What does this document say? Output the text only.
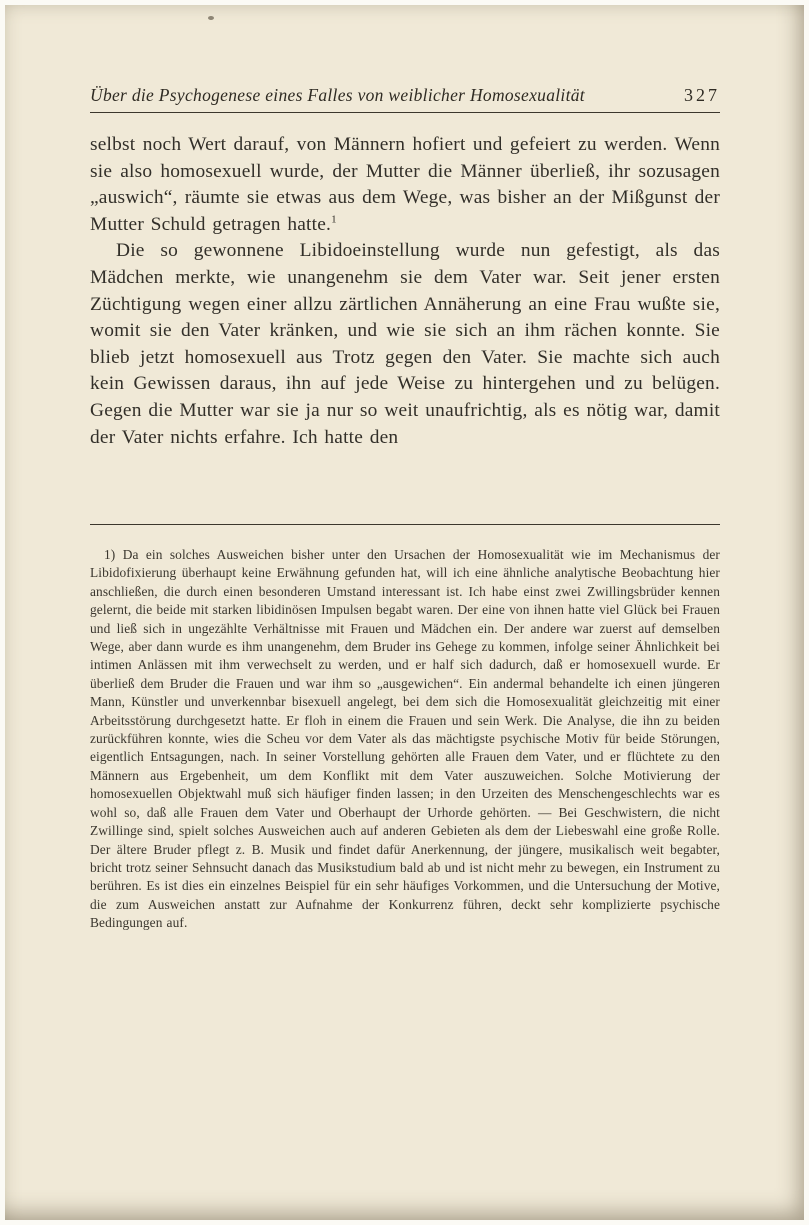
Über die Psychogenese eines Falles von weiblicher Homosexualität	327

selbst noch Wert darauf, von Männern hofiert und gefeiert zu werden. Wenn sie also homosexuell wurde, der Mutter die Männer überließ, ihr sozusagen „auswich“, räumte sie etwas aus dem Wege, was bisher an der Mißgunst der Mutter Schuld getragen hatte.$^1$

Die so gewonnene Libidoeinstellung wurde nun gefestigt, als das Mädchen merkte, wie unangenehm sie dem Vater war. Seit jener ersten Züchtigung wegen einer allzu zärtlichen Annäherung an eine Frau wußte sie, womit sie den Vater kränken, und wie sie sich an ihm rächen konnte. Sie blieb jetzt homosexuell aus Trotz gegen den Vater. Sie machte sich auch kein Gewissen daraus, ihn auf jede Weise zu hintergehen und zu belügen. Gegen die Mutter war sie ja nur so weit unaufrichtig, als es nötig war, damit der Vater nichts erfahre. Ich hatte den

1) Da ein solches Ausweichen bisher unter den Ursachen der Homosexualität wie im Mechanismus der Libidofixierung überhaupt keine Erwähnung gefunden hat, will ich eine ähnliche analytische Beobachtung hier anschließen, die durch einen besonderen Umstand interessant ist. Ich habe einst zwei Zwillingsbrüder kennen gelernt, die beide mit starken libidinösen Impulsen begabt waren. Der eine von ihnen hatte viel Glück bei Frauen und ließ sich in ungezählte Verhältnisse mit Frauen und Mädchen ein. Der andere war zuerst auf demselben Wege, aber dann wurde es ihm unangenehm, dem Bruder ins Gehege zu kommen, infolge seiner Ähnlichkeit bei intimen Anlässen mit ihm verwechselt zu werden, und er half sich dadurch, daß er homosexuell wurde. Er überließ dem Bruder die Frauen und war ihm so „ausgewichen“. Ein andermal behandelte ich einen jüngeren Mann, Künstler und unverkennbar bisexuell angelegt, bei dem sich die Homosexualität gleichzeitig mit einer Arbeitsstörung durchgesetzt hatte. Er floh in einem die Frauen und sein Werk. Die Analyse, die ihn zu beiden zurückführen konnte, wies die Scheu vor dem Vater als das mächtigste psychische Motiv für beide Störungen, eigentlich Entsagungen, nach. In seiner Vorstellung gehörten alle Frauen dem Vater, und er flüchtete zu den Männern aus Ergebenheit, um dem Konflikt mit dem Vater auszuweichen. Solche Motivierung der homosexuellen Objektwahl muß sich häufiger finden lassen; in den Urzeiten des Menschengeschlechts war es wohl so, daß alle Frauen dem Vater und Oberhaupt der Urhorde gehörten. — Bei Geschwistern, die nicht Zwillinge sind, spielt solches Ausweichen auch auf anderen Gebieten als dem der Liebeswahl eine große Rolle. Der ältere Bruder pflegt z. B. Musik und findet dafür Anerkennung, der jüngere, musikalisch weit begabter, bricht trotz seiner Sehnsucht danach das Musikstudium bald ab und ist nicht mehr zu bewegen, ein Instrument zu berühren. Es ist dies ein einzelnes Beispiel für ein sehr häufiges Vorkommen, und die Untersuchung der Motive, die zum Ausweichen anstatt zur Aufnahme der Konkurrenz führen, deckt sehr komplizierte psychische Bedingungen auf.
